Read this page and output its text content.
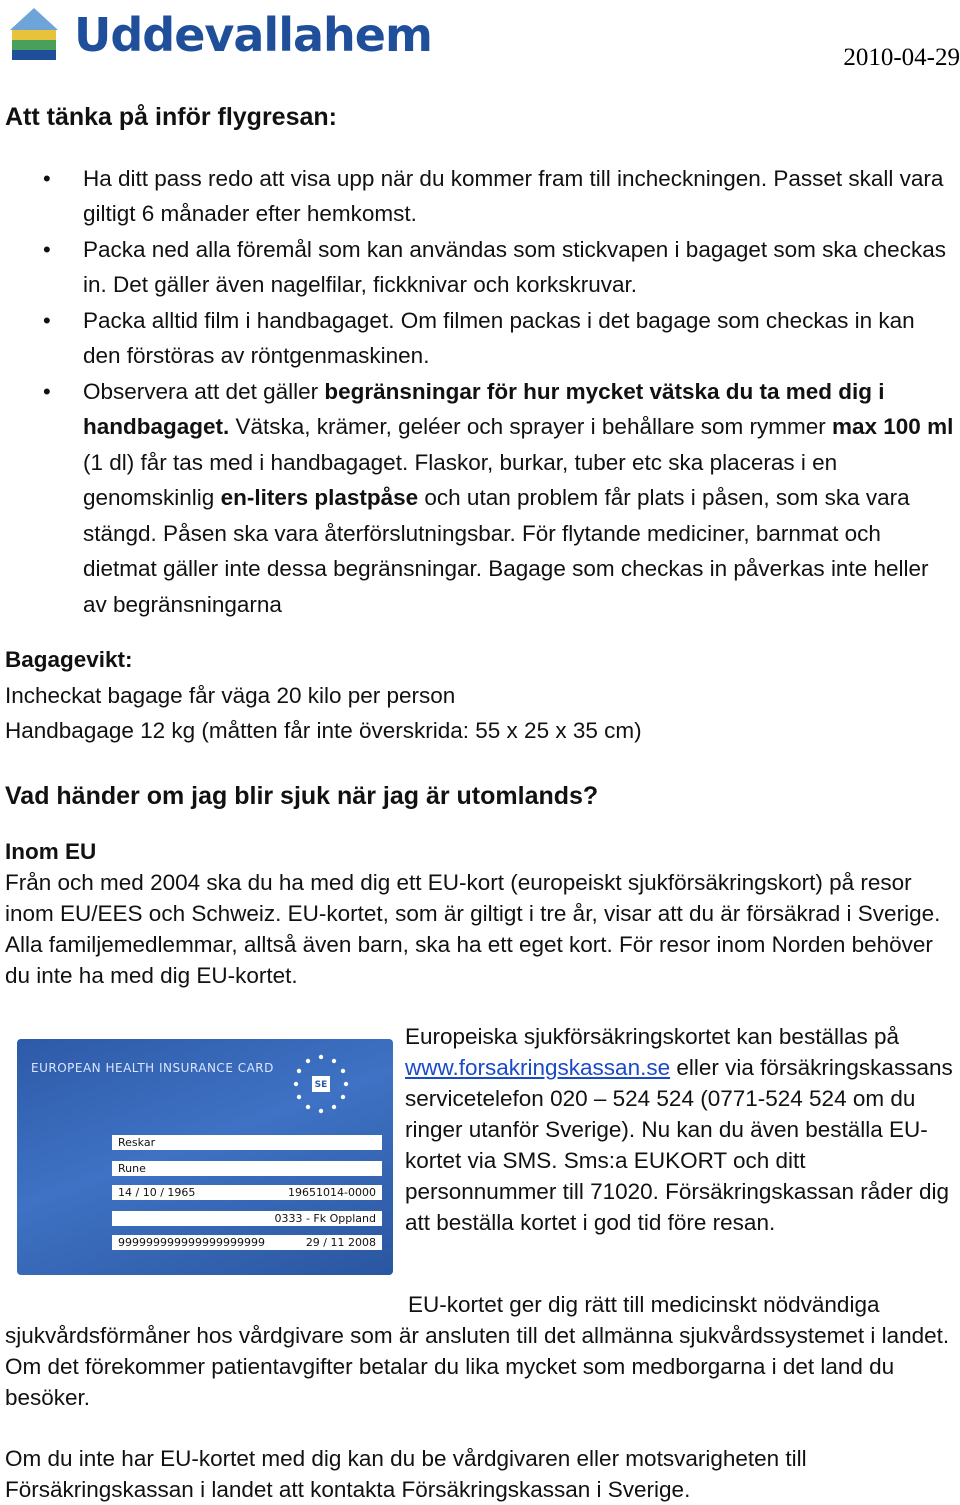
Uddevallahem	2010-04-29
Att tänka på inför flygresan:
• Ha ditt pass redo att visa upp när du kommer fram till incheckningen. Passet skall vara giltigt 6 månader efter hemkomst.
• Packa ned alla föremål som kan användas som stickvapen i bagaget som ska checkas in. Det gäller även nagelfilar, fickknivar och korkskruvar.
• Packa alltid film i handbagaget. Om filmen packas i det bagage som checkas in kan den förstöras av röntgenmaskinen.
• Observera att det gäller begränsningar för hur mycket vätska du ta med dig i handbagaget. Vätska, krämer, geléer och sprayer i behållare som rymmer max 100 ml (1 dl) får tas med i handbagaget. Flaskor, burkar, tuber etc ska placeras i en genomskinlig en-liters plastpåse och utan problem får plats i påsen, som ska vara stängd. Påsen ska vara återförslutningsbar. För flytande mediciner, barnmat och dietmat gäller inte dessa begränsningar. Bagage som checkas in påverkas inte heller av begränsningarna
Bagagevikt:
Incheckat bagage får väga 20 kilo per person
Handbagage 12 kg (måtten får inte överskrida: 55 x 25 x 35 cm)
Vad händer om jag blir sjuk när jag är utomlands?
Inom EU
Från och med 2004 ska du ha med dig ett EU-kort (europeiskt sjukförsäkringskort) på resor inom EU/EES och Schweiz. EU-kortet, som är giltigt i tre år, visar att du är försäkrad i Sverige. Alla familjemedlemmar, alltså även barn, ska ha ett eget kort. För resor inom Norden behöver du inte ha med dig EU-kortet.
EUROPEAN HEALTH INSURANCE CARD
SE
Reskar
Rune
14 / 10 / 1965	19651014-0000
0333 - Fk Oppland
999999999999999999999	29 / 11 2008
Europeiska sjukförsäkringskortet kan beställas på www.forsakringskassan.se eller via försäkringskassans servicetelefon 020 – 524 524 (0771-524 524 om du ringer utanför Sverige). Nu kan du även beställa EU-kortet via SMS. Sms:a EUKORT och ditt personnummer till 71020. Försäkringskassan råder dig att beställa kortet i god tid före resan.
EU-kortet ger dig rätt till medicinskt nödvändiga
sjukvårdsförmåner hos vårdgivare som är ansluten till det allmänna sjukvårdssystemet i landet. Om det förekommer patientavgifter betalar du lika mycket som medborgarna i det land du besöker.
Om du inte har EU-kortet med dig kan du be vårdgivaren eller motsvarigheten till Försäkringskassan i landet att kontakta Försäkringskassan i Sverige.
